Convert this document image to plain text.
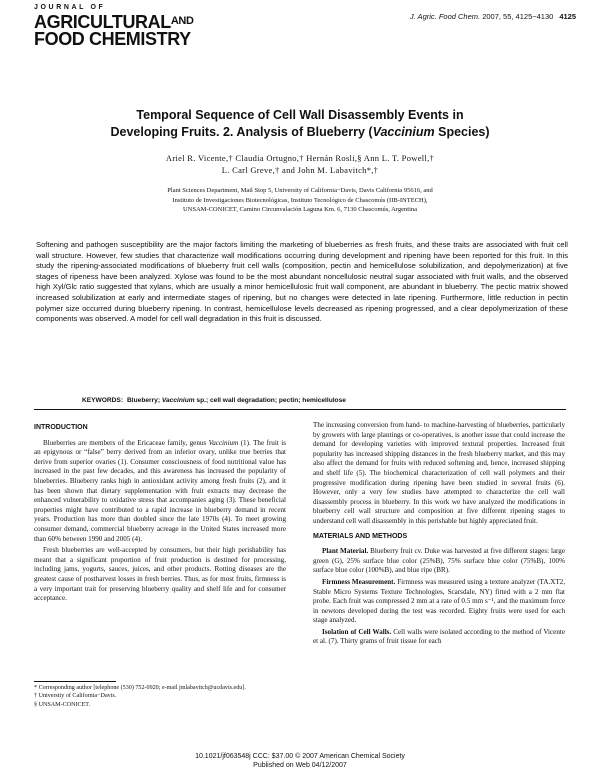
JOURNAL OF
$AGRICULTURAL^{AND}$
FOOD CHEMISTRY
J. Agric. Food Chem. 2007, 55, 4125−4130 4125
Temporal Sequence of Cell Wall Disassembly Events in
Developing Fruits. 2. Analysis of Blueberry (Vaccinium Species)
Ariel R. Vicente,† Claudia Ortugno,† Hernán Rosli,§ Ann L. T. Powell,†
L. Carl Greve,† and John M. Labavitch*,†
Plant Sciences Department, Mail Stop 5, University of California−Davis, Davis California 95616, and
Instituto de Investigaciones Biotecnológicas, Instituto Tecnológico de Chascomús (IIB-INTECH),
UNSAM-CONICET, Camino Circunvalación Laguna Km. 6, 7130 Chascomús, Argentina
Softening and pathogen susceptibility are the major factors limiting the marketing of blueberries as fresh fruits, and these traits are associated with fruit cell wall structure. However, few studies that characterize wall modifications occurring during development and ripening have been reported for this fruit. In this study the ripening-associated modifications of blueberry fruit cell walls (composition, pectin and hemicellulose solubilization, and depolymerization) at five stages of ripeness have been analyzed. Xylose was found to be the most abundant noncellulosic neutral sugar associated with fruit walls, and the observed high Xyl/Glc ratio suggested that xylans, which are usually a minor hemicellulosic fruit wall component, are abundant in blueberry. The pectic matrix showed increased solubilization at early and intermediate stages of ripening, but no changes were detected in late ripening. Furthermore, little reduction in pectin polymer size occurred during blueberry ripening. In contrast, hemicellulose levels decreased as ripening progressed, and a clear depolymerization of these components was observed. A model for cell wall degradation in this fruit is discussed.
KEYWORDS: Blueberry; Vaccinium sp.; cell wall degradation; pectin; hemicellulose
INTRODUCTION

Blueberries are members of the Ericaceae family, genus Vaccinium (1). The fruit is an epigynous or “false” berry derived from an inferior ovary, unlike true berries that derive from superior ovaries (1). Consumer consciousness of food nutritional value has increased in the past few decades, and this awareness has increased the popularity of blueberries. Blueberry ranks high in antioxidant activity among fresh fruits (2), and it has been shown that dietary supplementation with fruit extracts may decrease the enhanced vulnerability to oxidative stress that accompanies aging (3). These beneficial properties might have contributed to a rapid increase in blueberry demand in recent years. Production has more than doubled since the late 1970s (4). To meet growing consumer demand, commercial blueberry acreage in the United States increased more than 60% between 1990 and 2005 (4).

Fresh blueberries are well-accepted by consumers, but their high perishability has meant that a significant proportion of fruit production is destined for processing, including jams, yogurts, sauces, juices, and other products. Rotting diseases are the greatest cause of postharvest losses in fresh berries. Thus, as for most fruits, firmness is a very important trait for preserving blueberry quality and shelf life and for consumer acceptance.

* Corresponding author [telephone (530) 752-0920; e-mail jmlabavitch@ucdavis.edu].
† University of California−Davis.
§ UNSAM-CONICET.

The increasing conversion from hand- to machine-harvesting of blueberries, particularly by growers with large plantings or co-operatives, is another issue that could increase the demand for developing varieties with improved textural properties. Increased fruit popularity has increased shipping distances in the fresh blueberry market, and this may also affect the demand for fruits with reduced softening and, hence, increased shipping and shelf life (5). The biochemical characterization of cell wall polymers and their progressive modification during ripening have been studied in several fruits (6). However, only a very few studies have attempted to characterize the cell wall disassembly process in blueberry. In this work we have analyzed the modifications in blueberry cell wall structure and composition at five different ripening stages to understand cell wall disassembly in this perishable but highly appreciated fruit.

MATERIALS AND METHODS

Plant Material. Blueberry fruit cv. Duke was harvested at five different stages: large green (G), 25% surface blue color (25%B), 75% surface blue color (75%B), 100% surface blue color (100%B), and blue ripe (BR).

Firmness Measurement. Firmness was measured using a texture analyzer (TA.XT2, Stable Micro Systems Texture Technologies, Scarsdale, NY) fitted with a 2 mm flat probe. Each fruit was compressed 2 mm at a rate of 0.5 mm s⁻¹, and the maximum force in newtons developed during the test was recorded. Eighty fruits were used for each stage analyzed.

Isolation of Cell Walls. Cell walls were isolated according to the method of Vicente et al. (7). Thirty grams of fruit tissue for each

10.1021/jf063548j CCC: $37.00 © 2007 American Chemical Society
Published on Web 04/12/2007
